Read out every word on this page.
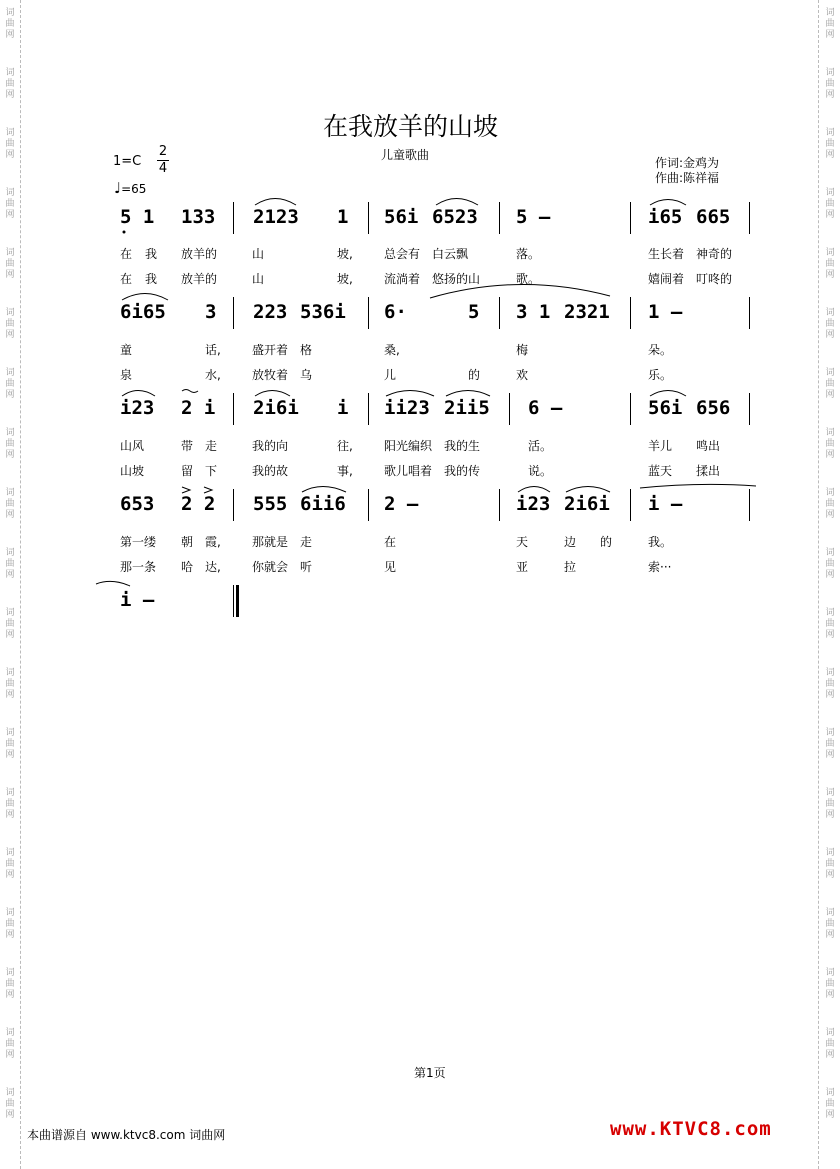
词
曲
网
词
曲
网
词
曲
网
词
曲
网
词
曲
网
词
曲
网
词
曲
网
词
曲
网
词
曲
网
词
曲
网
词
曲
网
词
曲
网
词
曲
网
词
曲
网
词
曲
网
词
曲
网
词
曲
网
词
曲
网
词
曲
网
词
曲
网
词
曲
网
词
曲
网
词
曲
网
词
曲
网
词
曲
网
词
曲
网
词
曲
网
词
曲
网
词
曲
网
词
曲
网
词
曲
网
词
曲
网
词
曲
网
词
曲
网
词
曲
网
词
曲
网
词
曲
网
词
曲
网
在我放羊的山坡
儿童歌曲
1=C
2
4
♩=65
作词:金鸡为
作曲:陈祥福
5 1 133 2123 1 56i 6523 5 –	i65 665
在 我 放羊的	山	坡,	总会有 白云飘	落。	生长着 神奇的
在 我 放羊的	山	坡,	流淌着 悠扬的山	歌。	嬉闹着 叮咚的
6i65 3 223 536i 6·	5 3 1 2321 1 –
童	话,	盛开着 格	桑,	梅	朵。
泉	水,	放牧着 乌	儿	的	欢	乐。
i23 2 i 2i6i i ii23 2ii5 6 –	56i 656
山风	带 走	我的向	往,	阳光编织 我的生	活。	羊儿 鸣出
山坡	留 下	我的故	事,	歌儿唱着 我的传	说。	蓝天 揉出
653 2 2 555 6ii6 2 –	i23 2i6i i –
第一缕 朝 霞,	那就是 走	在	天	边 的	我。
那一条 哈 达,	你就会 听	见	亚	拉	索···
i –
第1页
本曲谱源自 www.ktvc8.com 词曲网	www.KTVC8.com
